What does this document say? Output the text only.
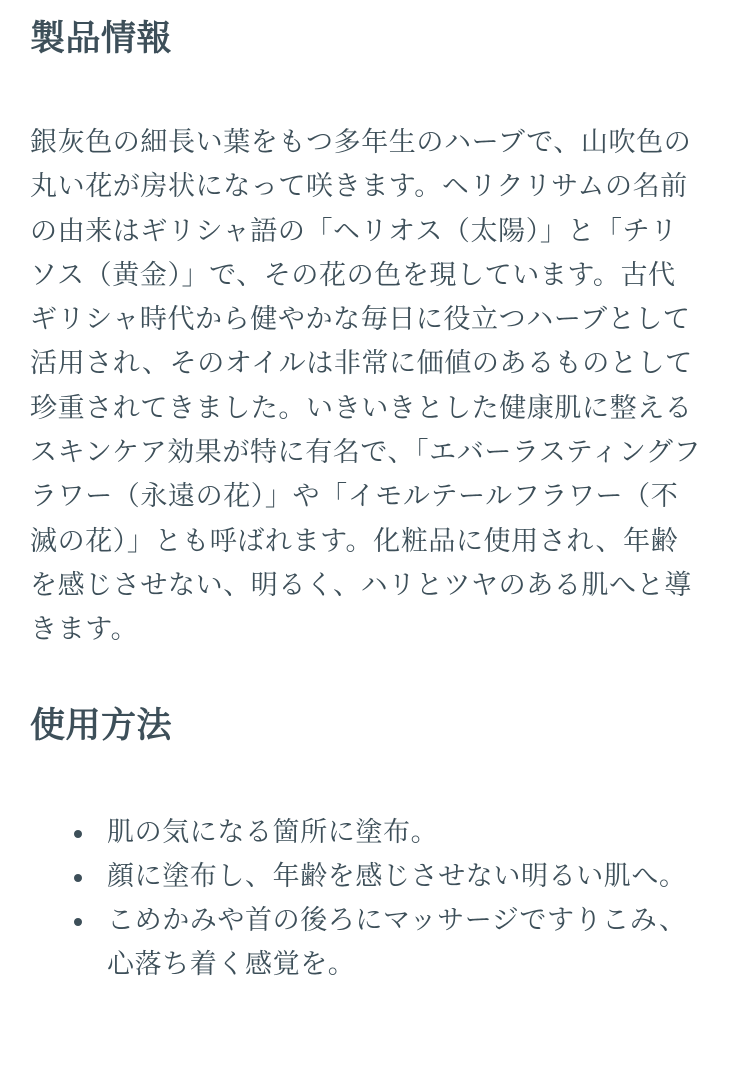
製品情報

銀灰色の細長い葉をもつ多年生のハーブで、山吹色の丸い花が房状になって咲きます。ヘリクリサムの名前の由来はギリシャ語の「ヘリオス（太陽）」と「チリソス（黄金）」で、その花の色を現しています。古代ギリシャ時代から健やかな毎日に役立つハーブとして活用され、そのオイルは非常に価値のあるものとして珍重されてきました。いきいきとした健康肌に整えるスキンケア効果が特に有名で、「エバーラスティングフラワー（永遠の花）」や「イモルテールフラワー（不滅の花）」とも呼ばれます。化粧品に使用され、年齢を感じさせない、明るく、ハリとツヤのある肌へと導きます。

使用方法
肌の気になる箇所に塗布。
顔に塗布し、年齢を感じさせない明るい肌へ。
こめかみや首の後ろにマッサージですりこみ、心落ち着く感覚を。
